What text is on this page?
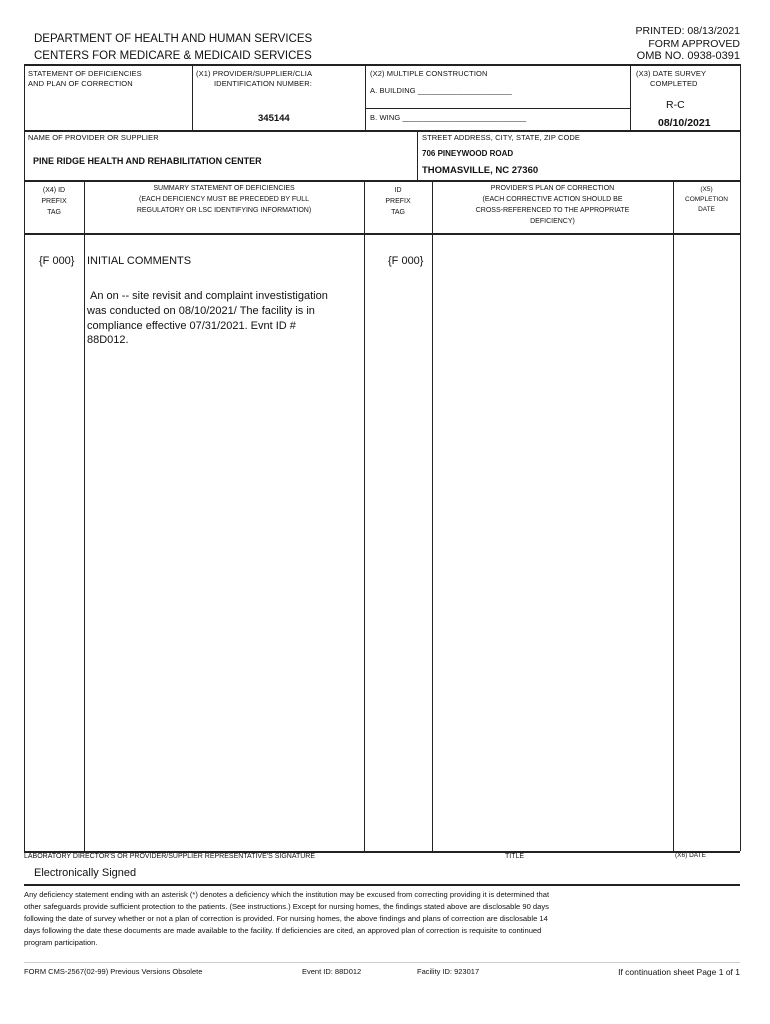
DEPARTMENT OF HEALTH AND HUMAN SERVICES
CENTERS FOR MEDICARE & MEDICAID SERVICES
PRINTED: 08/13/2021
FORM APPROVED
OMB NO. 0938-0391
STATEMENT OF DEFICIENCIES
AND PLAN OF CORRECTION
(X1) PROVIDER/SUPPLIER/CLIA
IDENTIFICATION NUMBER:
345144
(X2) MULTIPLE CONSTRUCTION
A. BUILDING ______________________
B. WING _____________________________
(X3) DATE SURVEY
COMPLETED
R-C
08/10/2021
NAME OF PROVIDER OR SUPPLIER
PINE RIDGE HEALTH AND REHABILITATION CENTER
STREET ADDRESS, CITY, STATE, ZIP CODE
706 PINEYWOOD ROAD
THOMASVILLE, NC 27360
(X4) ID
PREFIX
TAG
SUMMARY STATEMENT OF DEFICIENCIES
(EACH DEFICIENCY MUST BE PRECEDED BY FULL
REGULATORY OR LSC IDENTIFYING INFORMATION)
ID
PREFIX
TAG
PROVIDER'S PLAN OF CORRECTION
(EACH CORRECTIVE ACTION SHOULD BE
CROSS-REFERENCED TO THE APPROPRIATE
DEFICIENCY)
(X5)
COMPLETION
DATE
{F 000} INITIAL COMMENTS	{F 000}
An on -- site revisit and complaint investistigation
was conducted on 08/10/2021/ The facility is in
compliance effective 07/31/2021. Evnt ID #
88D012.
LABORATORY DIRECTOR'S OR PROVIDER/SUPPLIER REPRESENTATIVE'S SIGNATURE	TITLE	(X6) DATE
Electronically Signed
Any deficiency statement ending with an asterisk (*) denotes a deficiency which the institution may be excused from correcting providing it is determined that
other safeguards provide sufficient protection to the patients. (See instructions.) Except for nursing homes, the findings stated above are disclosable 90 days
following the date of survey whether or not a plan of correction is provided. For nursing homes, the above findings and plans of correction are disclosable 14
days following the date these documents are made available to the facility. If deficiencies are cited, an approved plan of correction is requisite to continued
program participation.
FORM CMS-2567(02-99) Previous Versions Obsolete	Event ID: 88D012	Facility ID: 923017	If continuation sheet Page 1 of 1
